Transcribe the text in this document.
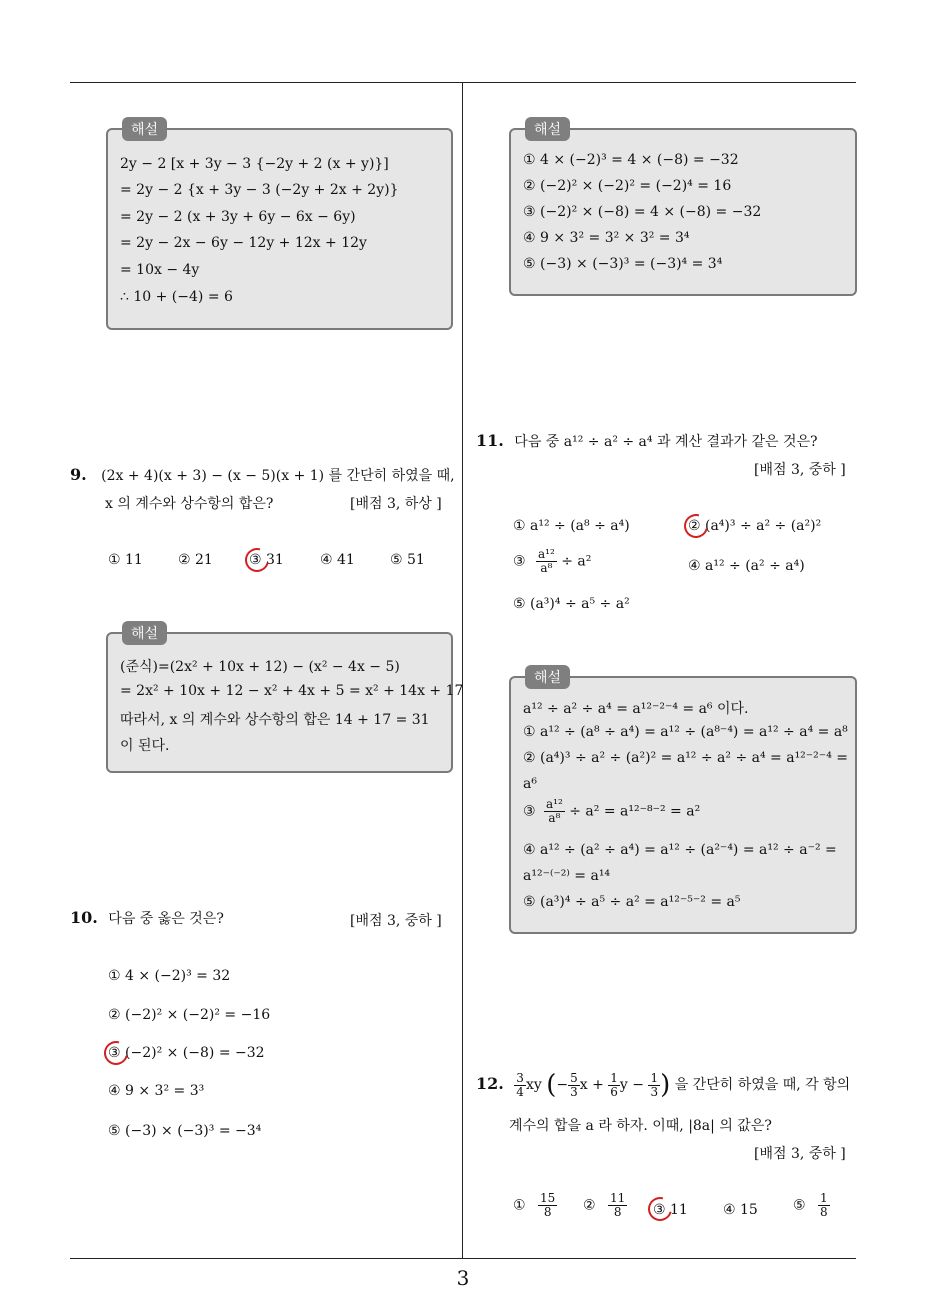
3
해설
2y − 2 [x + 3y − 3 {−2y + 2 (x + y)}]
= 2y − 2 {x + 3y − 3 (−2y + 2x + 2y)}
= 2y − 2 (x + 3y + 6y − 6x − 6y)
= 2y − 2x − 6y − 12y + 12x + 12y
= 10x − 4y
∴ 10 + (−4) = 6
9. (2x + 4)(x + 3) − (x − 5)(x + 1) 를 간단히 하였을 때,
x 의 계수와 상수항의 합은?	[배점 3, 하상 ]
① 11	② 21	③ 31	④ 41	⑤ 51
해설
(준식)=(2x² + 10x + 12) − (x² − 4x − 5)
= 2x² + 10x + 12 − x² + 4x + 5 = x² + 14x + 17
따라서, x 의 계수와 상수항의 합은 14 + 17 = 31
이 된다.
10. 다음 중 옳은 것은?	[배점 3, 중하 ]
① 4 × (−2)³ = 32
② (−2)² × (−2)² = −16
③ (−2)² × (−8) = −32
④ 9 × 3² = 3³
⑤ (−3) × (−3)³ = −3⁴
해설
① 4 × (−2)³ = 4 × (−8) = −32
② (−2)² × (−2)² = (−2)⁴ = 16
③ (−2)² × (−8) = 4 × (−8) = −32
④ 9 × 3² = 3² × 3² = 3⁴
⑤ (−3) × (−3)³ = (−3)⁴ = 3⁴
11. 다음 중 a¹² ÷ a² ÷ a⁴ 과 계산 결과가 같은 것은?
[배점 3, 중하 ]
① a¹² ÷ (a⁸ ÷ a⁴)	② (a⁴)³ ÷ a² ÷ (a²)²
③ $\frac{\text{a¹²}}{\text{a⁸}} \div a^2$	④ a¹² ÷ (a² ÷ a⁴)
⑤ (a³)⁴ ÷ a⁵ ÷ a²
해설
a¹² ÷ a² ÷ a⁴ = a¹²⁻²⁻⁴ = a⁶ 이다.
① a¹² ÷ (a⁸ ÷ a⁴) = a¹² ÷ (a⁸⁻⁴) = a¹² ÷ a⁴ = a⁸
② (a⁴)³ ÷ a² ÷ (a²)² = a¹² ÷ a² ÷ a⁴ = a¹²⁻²⁻⁴ =
a⁶
③ $\frac{\text{a¹²}}{\text{a⁸}} \div a^2 = a^{12-8-2} = a^2$
④ a¹² ÷ (a² ÷ a⁴) = a¹² ÷ (a²⁻⁴) = a¹² ÷ a⁻² =
a¹²⁻⁽⁻²⁾ = a¹⁴
⑤ (a³)⁴ ÷ a⁵ ÷ a² = a¹²⁻⁵⁻² = a⁵
12. $\frac{3}{4}$ xy (− $\frac{5}{3}$ $x + \frac{1}{6}$ $y - \frac{1}{3}$ ) 을 간단히 하였을 때, 각 항의
계수의 합을 a 라 하자. 이때, |8a| 의 값은?
[배점 3, 중하 ]
① $\frac{15}{8}$ ② $\frac{11}{8}$ ③ 11	④ 15	⑤ $\frac{1}{8}$
